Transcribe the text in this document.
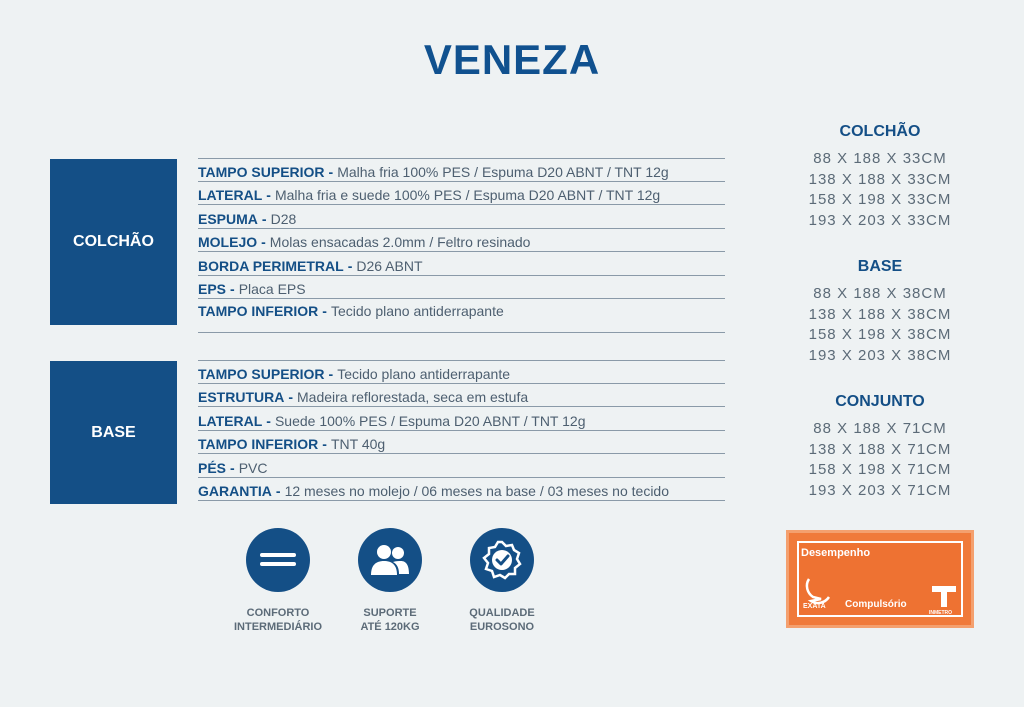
VENEZA
COLCHÃO
TAMPO SUPERIOR - Malha fria 100% PES / Espuma D20 ABNT / TNT 12g
LATERAL - Malha fria e suede 100% PES / Espuma D20 ABNT / TNT 12g
ESPUMA - D28
MOLEJO - Molas ensacadas 2.0mm / Feltro resinado
BORDA PERIMETRAL - D26 ABNT
EPS - Placa EPS
TAMPO INFERIOR - Tecido plano antiderrapante
BASE
TAMPO SUPERIOR - Tecido plano antiderrapante
ESTRUTURA - Madeira reflorestada, seca em estufa
LATERAL - Suede 100% PES / Espuma D20 ABNT / TNT 12g
TAMPO INFERIOR - TNT 40g
PÉS - PVC
GARANTIA - 12 meses no molejo / 06 meses na base / 03 meses no tecido
COLCHÃO
88 X 188 X 33CM
138 X 188 X 33CM
158 X 198 X 33CM
193 X 203 X 33CM
BASE
88 X 188 X 38CM
138 X 188 X 38CM
158 X 198 X 38CM
193 X 203 X 38CM
CONJUNTO
88 X 188 X 71CM
138 X 188 X 71CM
158 X 198 X 71CM
193 X 203 X 71CM
CONFORTO
INTERMEDIÁRIO
SUPORTE
ATÉ 120KG
QUALIDADE
EUROSONO
Desempenho
EXATA Compulsório
INMETRO
